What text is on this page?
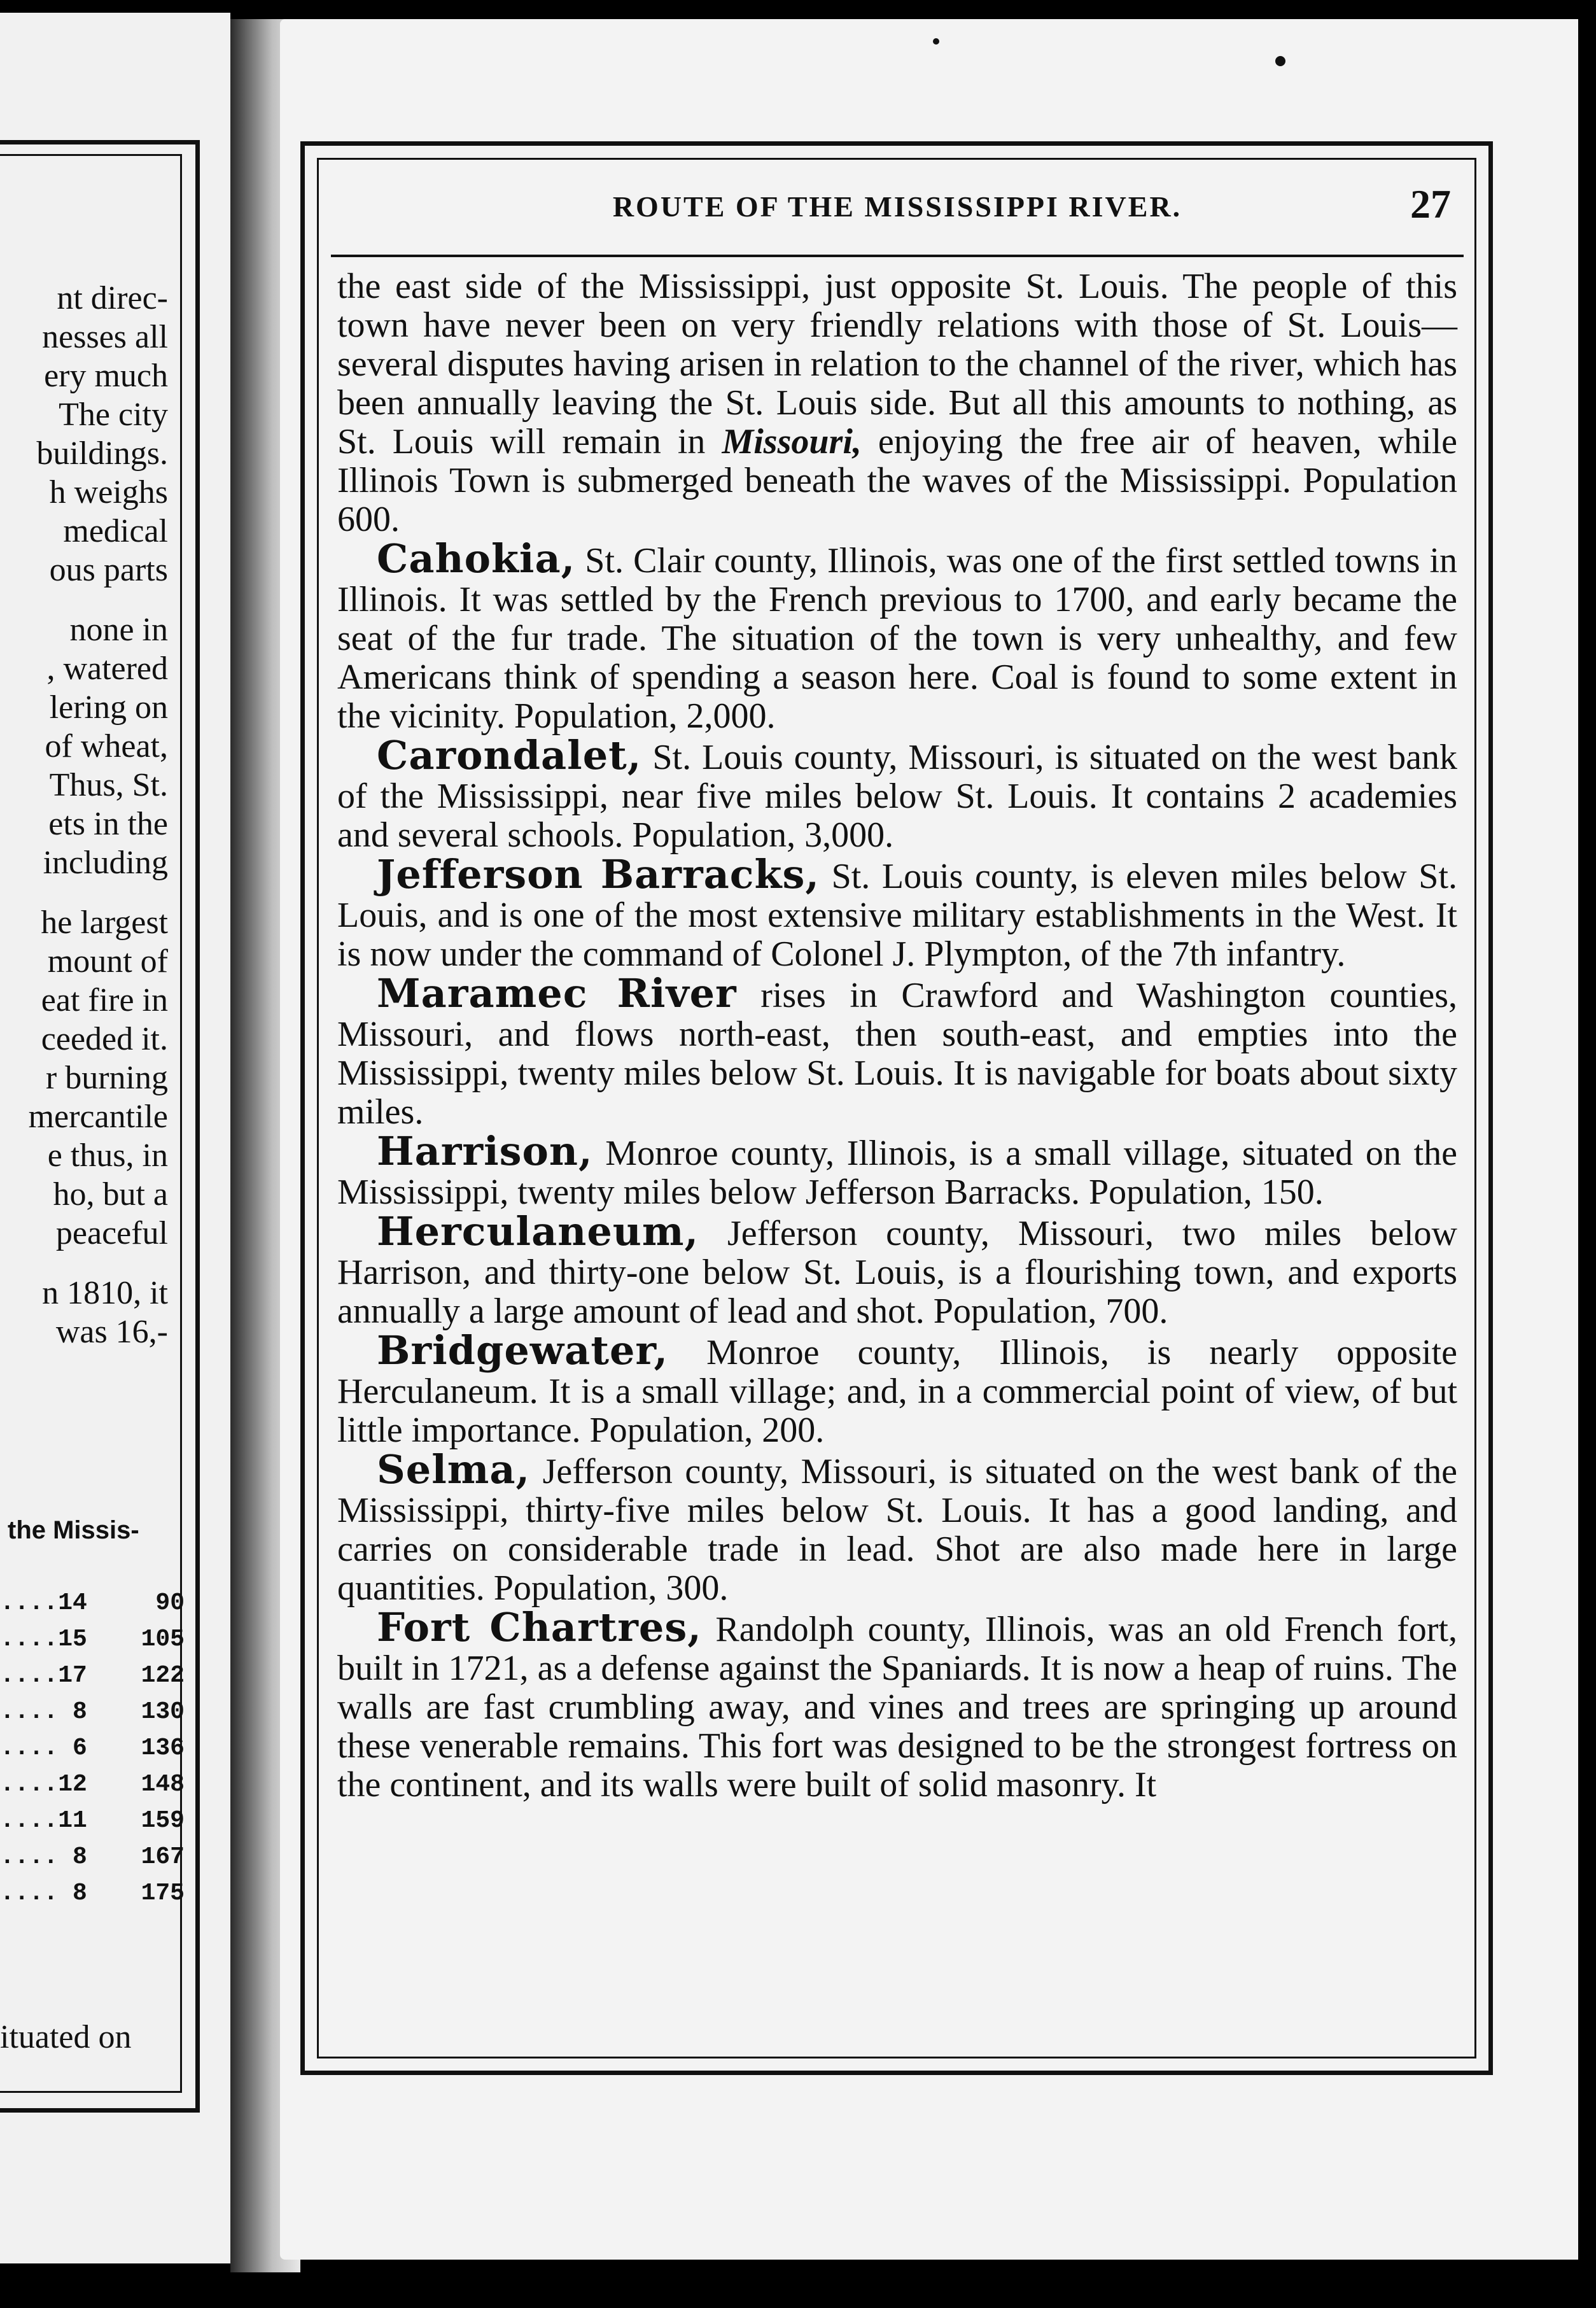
nt direc-
nesses all
ery much
The city
buildings.
h weighs
medical
ous parts
none in
, watered
lering on
of wheat,
Thus, St.
ets in the
including
he largest
mount of
eat fire in
ceeded it.
r burning
mercantile
e thus, in
ho, but a
peaceful
n 1810, it
was 16,-
the Missis-
....14	90
....15 105
....17 122
.... 8 130
.... 6 136
....12 148
....11 159
.... 8 167
.... 8 175
ituated on
ROUTE OF THE MISSISSIPPI RIVER.	27

the east side of the Mississippi, just opposite St. Louis. The people of this town have never been on very friendly relations with those of St. Louis—several disputes having arisen in relation to the channel of the river, which has been annually leaving the St. Louis side. But all this amounts to nothing, as St. Louis will remain in Missouri, enjoying the free air of heaven, while Illinois Town is submerged beneath the waves of the Mississippi. Population 600.

Cahokia, St. Clair county, Illinois, was one of the first settled towns in Illinois. It was settled by the French previous to 1700, and early became the seat of the fur trade. The situation of the town is very unhealthy, and few Americans think of spending a season here. Coal is found to some extent in the vicinity. Population, 2,000.

Carondalet, St. Louis county, Missouri, is situated on the west bank of the Mississippi, near five miles below St. Louis. It contains 2 academies and several schools. Population, 3,000.

Jefferson Barracks, St. Louis county, is eleven miles below St. Louis, and is one of the most extensive military establishments in the West. It is now under the command of Colonel J. Plympton, of the 7th infantry.

Maramec River rises in Crawford and Washington counties, Missouri, and flows north-east, then south-east, and empties into the Mississippi, twenty miles below St. Louis. It is navigable for boats about sixty miles.

Harrison, Monroe county, Illinois, is a small village, situated on the Mississippi, twenty miles below Jefferson Barracks. Population, 150.

Herculaneum, Jefferson county, Missouri, two miles below Harrison, and thirty-one below St. Louis, is a flourishing town, and exports annually a large amount of lead and shot. Population, 700.

Bridgewater, Monroe county, Illinois, is nearly opposite Herculaneum. It is a small village; and, in a commercial point of view, of but little importance. Population, 200.

Selma, Jefferson county, Missouri, is situated on the west bank of the Mississippi, thirty-five miles below St. Louis. It has a good landing, and carries on considerable trade in lead. Shot are also made here in large quantities. Population, 300.

Fort Chartres, Randolph county, Illinois, was an old French fort, built in 1721, as a defense against the Spaniards. It is now a heap of ruins. The walls are fast crumbling away, and vines and trees are springing up around these venerable remains. This fort was designed to be the strongest fortress on the continent, and its walls were built of solid masonry. It
